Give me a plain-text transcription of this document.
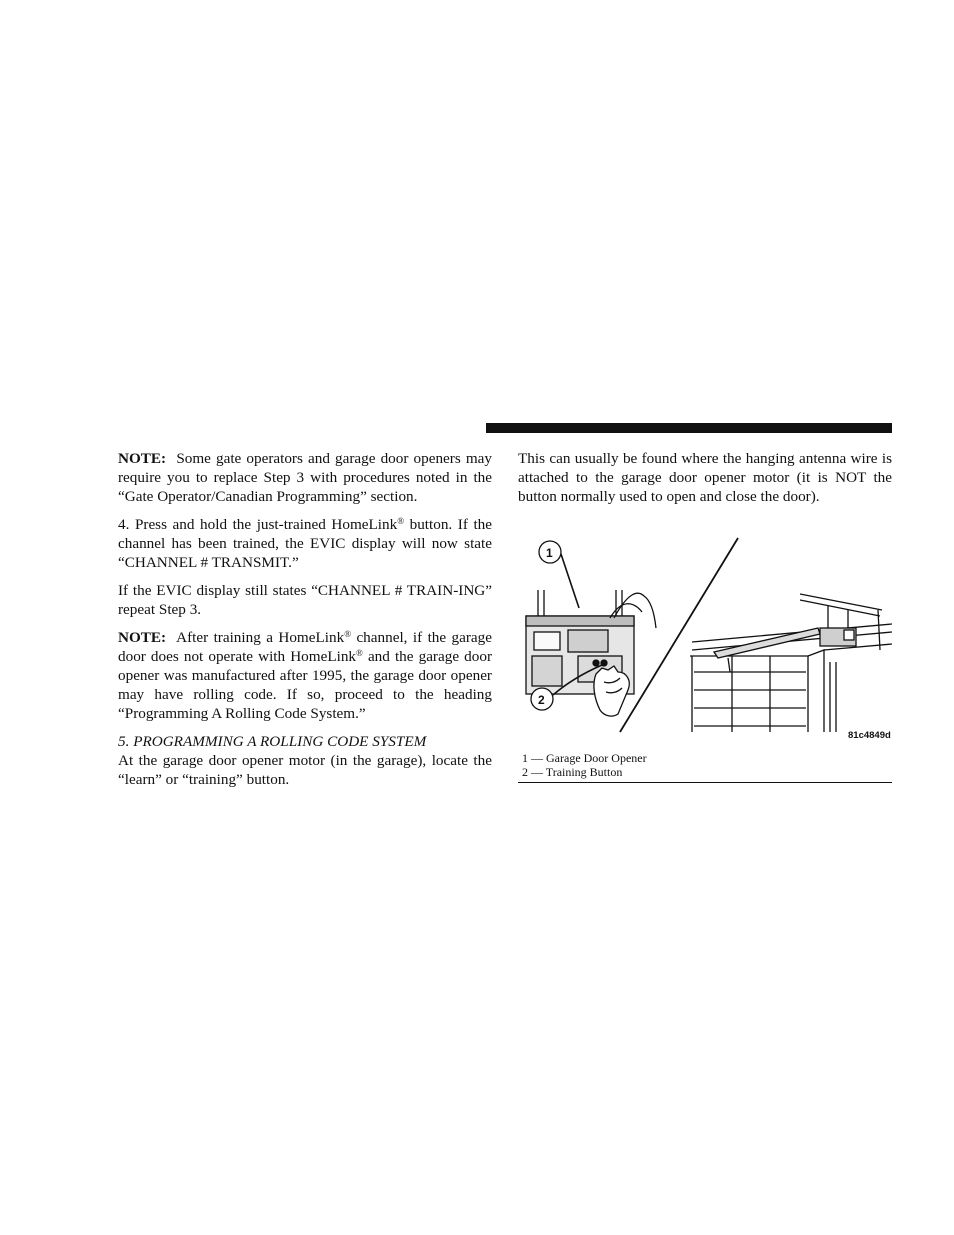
NOTE: Some gate operators and garage door openers may require you to replace Step 3 with procedures noted in the “Gate Operator/Canadian Programming” section.

4. Press and hold the just-trained HomeLink® button. If the channel has been trained, the EVIC display will now state “CHANNEL # TRANSMIT.”

If the EVIC display still states “CHANNEL # TRAIN-ING” repeat Step 3.

NOTE: After training a HomeLink® channel, if the garage door does not operate with HomeLink® and the garage door opener was manufactured after 1995, the garage door opener may have rolling code. If so, proceed to the heading “Programming A Rolling Code System.”

5. PROGRAMMING A ROLLING CODE SYSTEM

At the garage door opener motor (in the garage), locate the “learn” or “training” button.

This can usually be found where the hanging antenna wire is attached to the garage door opener motor (it is NOT the button normally used to open and close the door).

1
2
81c4849d
1 — Garage Door Opener
2 — Training Button
